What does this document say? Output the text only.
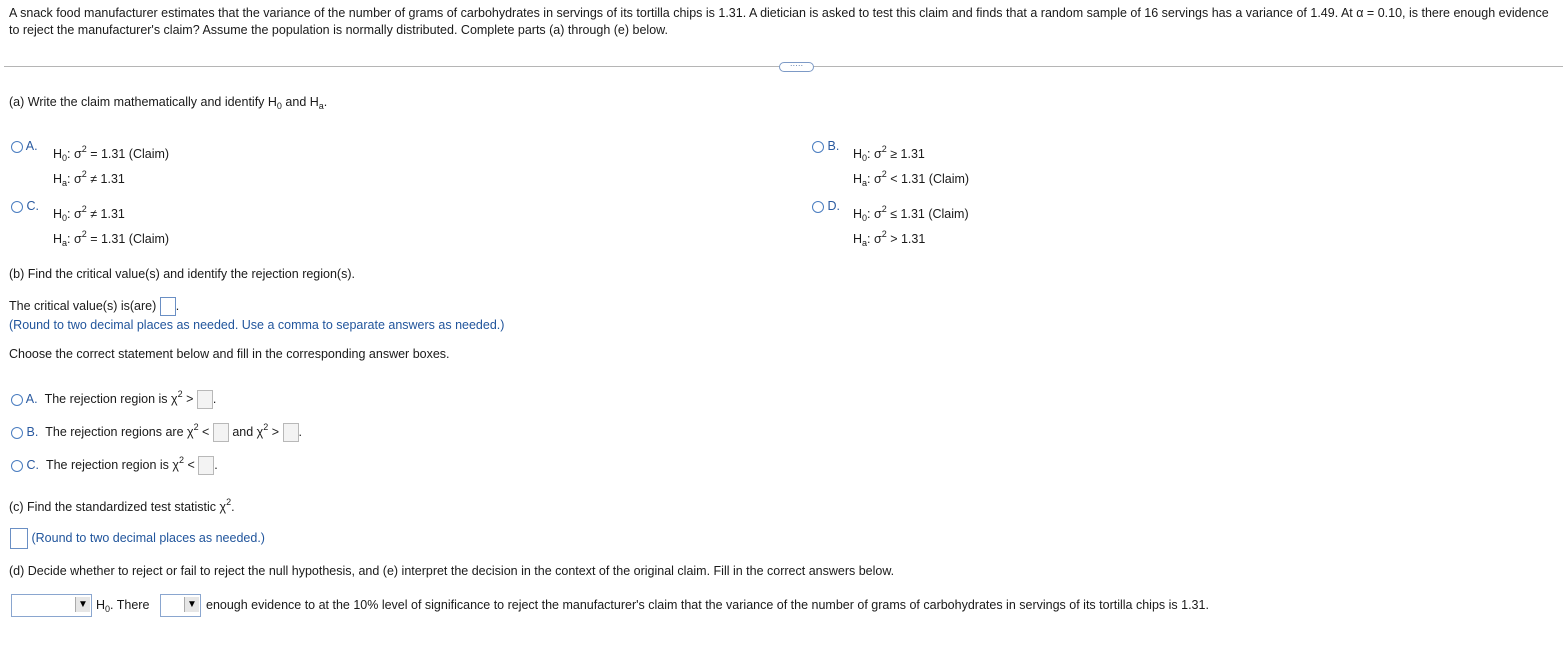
A snack food manufacturer estimates that the variance of the number of grams of carbohydrates in servings of its tortilla chips is 1.31. A dietician is asked to test this claim and finds that a random sample of 16 servings has a variance of 1.49. At α = 0.10, is there enough evidence to reject the manufacturer's claim? Assume the population is normally distributed. Complete parts (a) through (e) below.
·····
(a) Write the claim mathematically and identify $H_0$ and $H_a$.
A.
$H_0$: $\sigma^2 = 1.31$ (Claim)
$H_a$: $\sigma^2 \ne 1.31$
B.
$H_0$: $\sigma^2 \ge 1.31$
$H_a$: $\sigma^2 < 1.31$ (Claim)
C.
$H_0$: $\sigma^2 \ne 1.31$
$H_a$: $\sigma^2 = 1.31$ (Claim)
D.
$H_0$: $\sigma^2 \le 1.31$ (Claim)
$H_a$: $\sigma^2 > 1.31$
(b) Find the critical value(s) and identify the rejection region(s).
The critical value(s) is(are) .
(Round to two decimal places as needed. Use a comma to separate answers as needed.)
Choose the correct statement below and fill in the corresponding answer boxes.
A. The rejection region is $\chi^2$ > .
B. The rejection regions are $\chi^2$ < and $\chi^2$ > .
C. The rejection region is $\chi^2$ < .
(c) Find the standardized test statistic $\chi^2$.
(Round to two decimal places as needed.)
(d) Decide whether to reject or fail to reject the null hypothesis, and (e) interpret the decision in the context of the original claim. Fill in the correct answers below.
▼ $H_0$. There	▼ enough evidence to at the 10% level of significance to reject the manufacturer's claim that the variance of the number of grams of carbohydrates in servings of its tortilla chips is 1.31.
